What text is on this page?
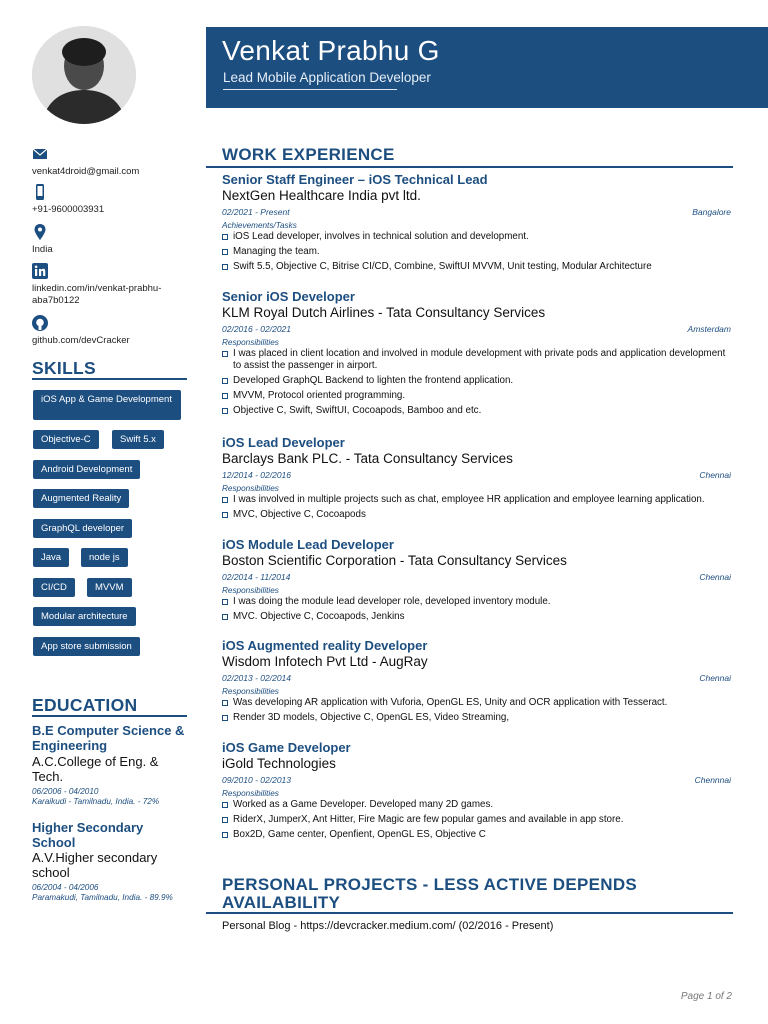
Venkat Prabhu G
Lead Mobile Application Developer
venkat4droid@gmail.com
+91-9600003931
India
linkedin.com/in/venkat-prabhu-aba7b0122
github.com/devCracker
SKILLS
iOS App & Game Development
Objective-C	Swift 5.x
Android Development
Augmented Reality
GraphQL developer
Java	node js
CI/CD	MVVM
Modular architecture
App store submission
EDUCATION
B.E Computer Science & Engineering
A.C.College of Eng. & Tech.
06/2006 - 04/2010
Karaikudi - Tamilnadu, India. - 72%
Higher Secondary School
A.V.Higher secondary school
06/2004 - 04/2006
Paramakudi, Tamilnadu, India. - 89.9%
WORK EXPERIENCE
Senior Staff Engineer – iOS Technical Lead
NextGen Healthcare India pvt ltd.
02/2021 - Present	Bangalore
Achievements/Tasks
iOS Lead developer, involves in technical solution and development.
Managing the team.
Swift 5.5, Objective C, Bitrise CI/CD, Combine, SwiftUI MVVM, Unit testing, Modular Architecture
Senior iOS Developer
KLM Royal Dutch Airlines - Tata Consultancy Services
02/2016 - 02/2021	Amsterdam
Responsibilities
I was placed in client location and involved in module development with private pods and application development to assist the passenger in airport.
Developed GraphQL Backend to lighten the frontend application.
MVVM, Protocol oriented programming.
Objective C, Swift, SwiftUI, Cocoapods, Bamboo and etc.
iOS Lead Developer
Barclays Bank PLC. - Tata Consultancy Services
12/2014 - 02/2016	Chennai
Responsibilities
I was involved in multiple projects such as chat, employee HR application and employee learning application.
MVC, Objective C, Cocoapods
iOS Module Lead Developer
Boston Scientific Corporation - Tata Consultancy Services
02/2014 - 11/2014	Chennai
Responsibilities
I was doing the module lead developer role, developed inventory module.
MVC. Objective C, Cocoapods, Jenkins
iOS Augmented reality Developer
Wisdom Infotech Pvt Ltd - AugRay
02/2013 - 02/2014	Chennai
Responsibilities
Was developing AR application with Vuforia, OpenGL ES, Unity and OCR application with Tesseract.
Render 3D models, Objective C, OpenGL ES, Video Streaming,
iOS Game Developer
iGold Technologies
09/2010 - 02/2013	Chennnai
Responsibilities
Worked as a Game Developer. Developed many 2D games.
RiderX, JumperX, Ant Hitter, Fire Magic are few popular games and available in app store.
Box2D, Game center, Openfient, OpenGL ES, Objective C
PERSONAL PROJECTS - LESS ACTIVE DEPENDS AVAILABILITY
Personal Blog - https://devcracker.medium.com/ (02/2016 - Present)
Page 1 of 2
